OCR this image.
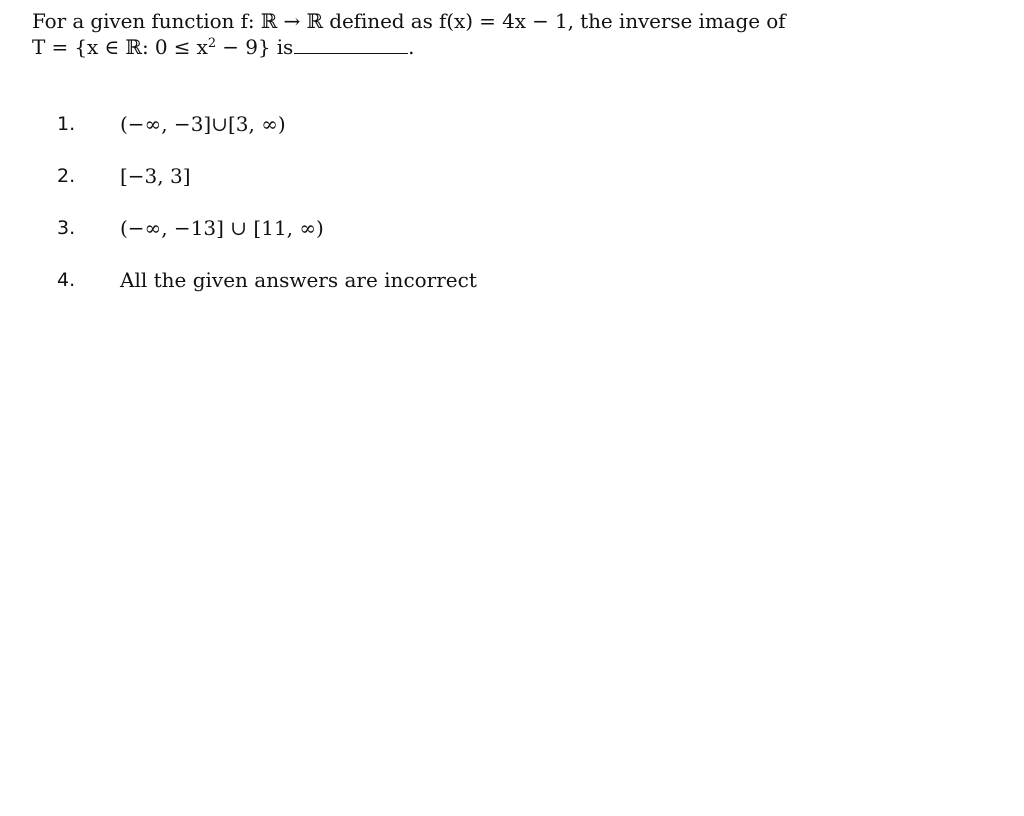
For a given function f: ℝ → ℝ defined as f(x) = 4x − 1, the inverse image of
T = {x ∈ ℝ: $0 \le x^2 - 9$} is	.
1. (−∞, −3]∪[3, ∞)
2. [−3, 3]
3. (−∞, −13] ∪ [11, ∞)
4. All the given answers are incorrect
